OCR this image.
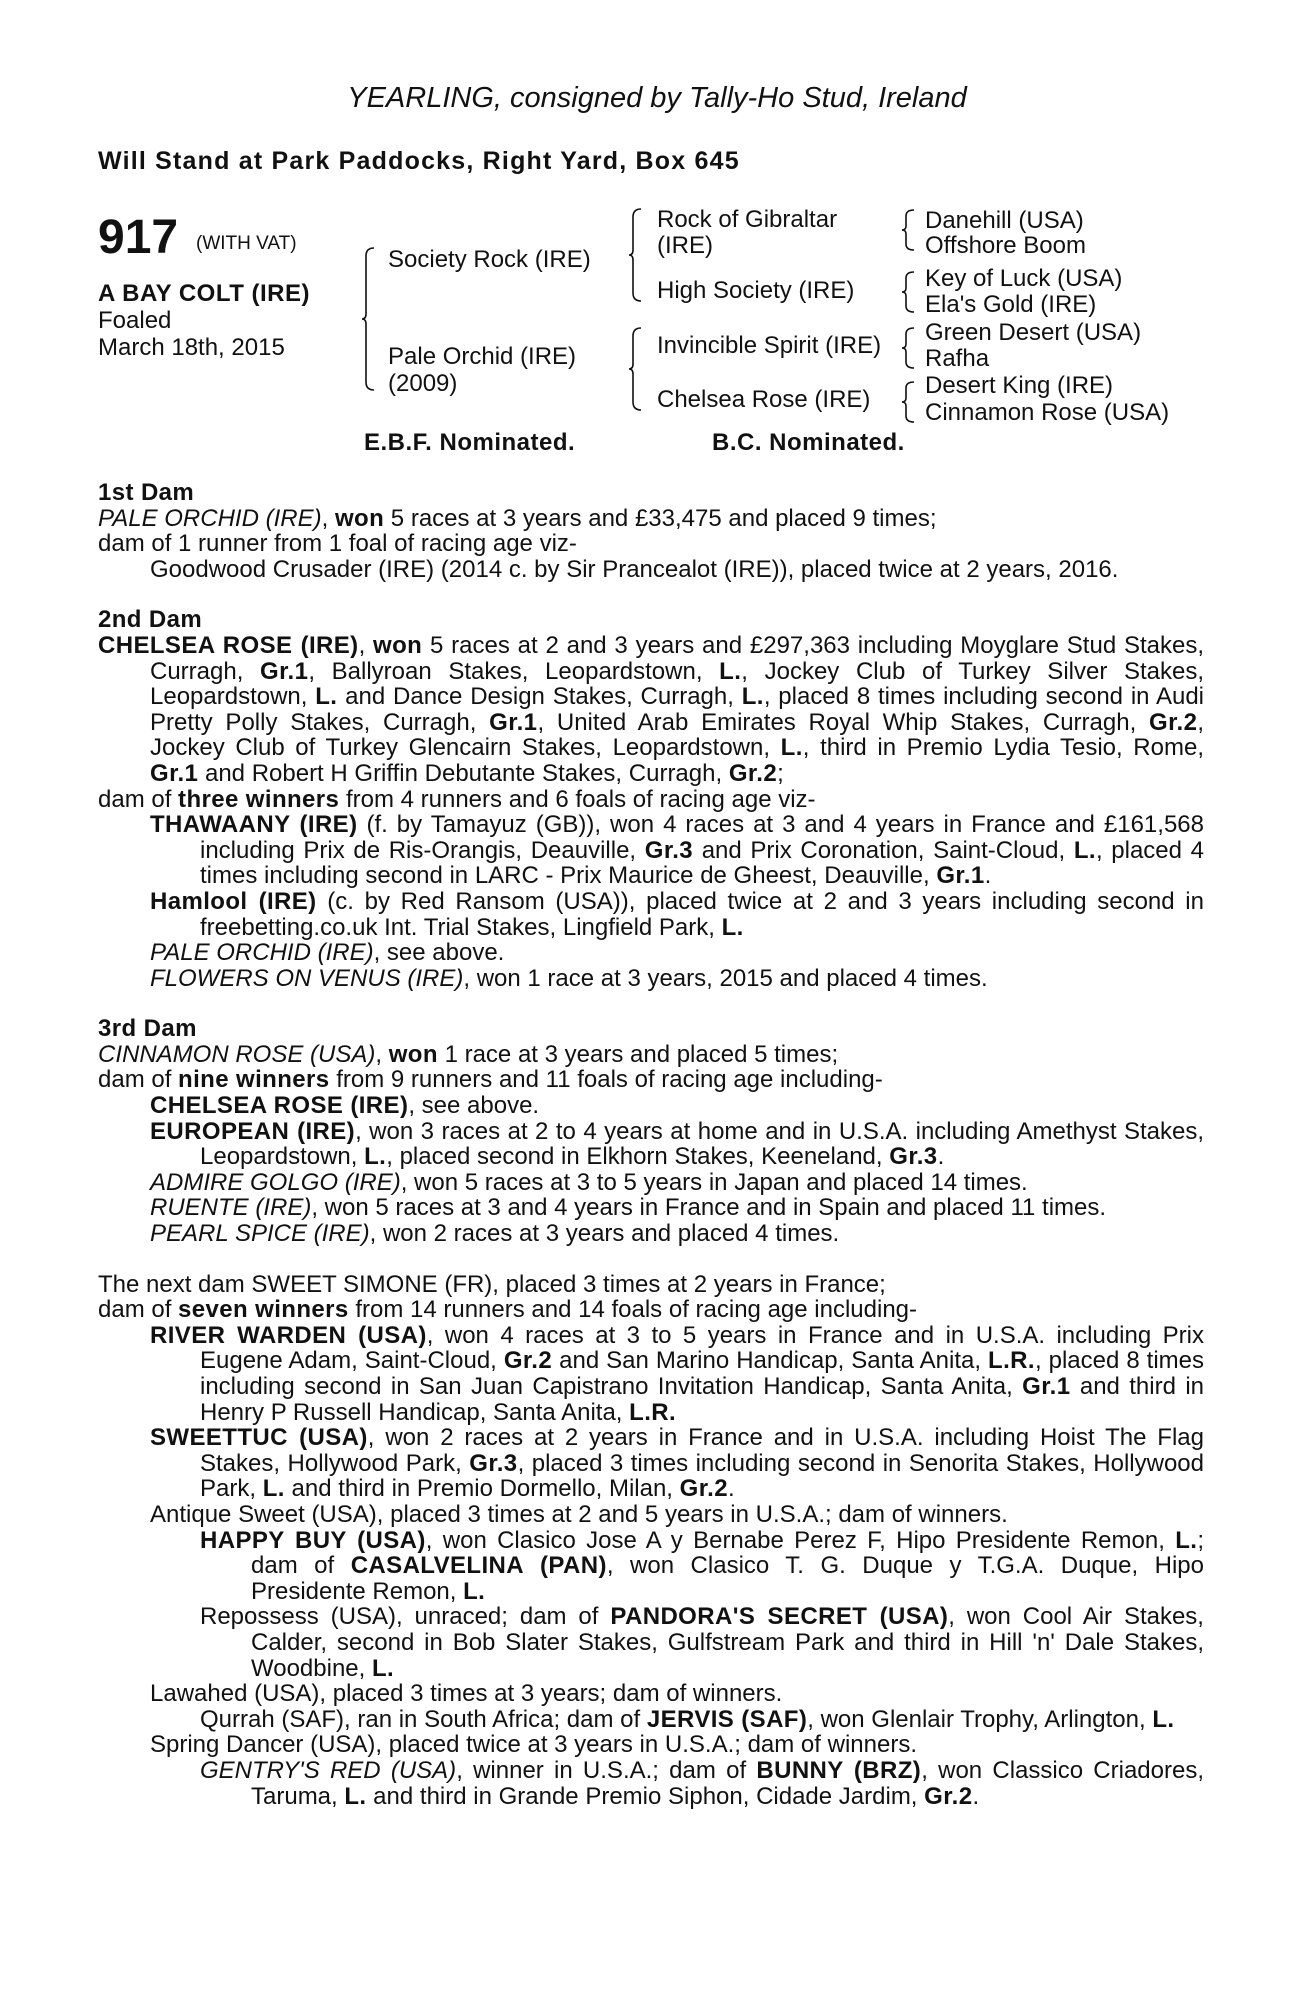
YEARLING, consigned by Tally-Ho Stud, Ireland
Will Stand at Park Paddocks, Right Yard, Box 645
917 (WITH VAT)
A BAY COLT (IRE)
Foaled
March 18th, 2015
Society Rock (IRE)
Pale Orchid (IRE)
(2009)
Rock of Gibraltar
(IRE)
High Society (IRE)
Invincible Spirit (IRE)
Chelsea Rose (IRE)
Danehill (USA)
Offshore Boom
Key of Luck (USA)
Ela's Gold (IRE)
Green Desert (USA)
Rafha
Desert King (IRE)
Cinnamon Rose (USA)
E.B.F. Nominated.	B.C. Nominated.

1st Dam

PALE ORCHID (IRE), won 5 races at 3 years and £33,475 and placed 9 times;

dam of 1 runner from 1 foal of racing age viz-

Goodwood Crusader (IRE) (2014 c. by Sir Prancealot (IRE)), placed twice at 2 years, 2016.

2nd Dam

CHELSEA ROSE (IRE), won 5 races at 2 and 3 years and £297,363 including Moyglare Stud Stakes, Curragh, Gr.1, Ballyroan Stakes, Leopardstown, L., Jockey Club of Turkey Silver Stakes, Leopardstown, L. and Dance Design Stakes, Curragh, L., placed 8 times including second in Audi Pretty Polly Stakes, Curragh, Gr.1, United Arab Emirates Royal Whip Stakes, Curragh, Gr.2, Jockey Club of Turkey Glencairn Stakes, Leopardstown, L., third in Premio Lydia Tesio, Rome, Gr.1 and Robert H Griffin Debutante Stakes, Curragh, Gr.2;

dam of three winners from 4 runners and 6 foals of racing age viz-

THAWAANY (IRE) (f. by Tamayuz (GB)), won 4 races at 3 and 4 years in France and £161,568 including Prix de Ris-Orangis, Deauville, Gr.3 and Prix Coronation, Saint-Cloud, L., placed 4 times including second in LARC - Prix Maurice de Gheest, Deauville, Gr.1.

Hamlool (IRE) (c. by Red Ransom (USA)), placed twice at 2 and 3 years including second in freebetting.co.uk Int. Trial Stakes, Lingfield Park, L.

PALE ORCHID (IRE), see above.

FLOWERS ON VENUS (IRE), won 1 race at 3 years, 2015 and placed 4 times.

3rd Dam

CINNAMON ROSE (USA), won 1 race at 3 years and placed 5 times;

dam of nine winners from 9 runners and 11 foals of racing age including-

CHELSEA ROSE (IRE), see above.

EUROPEAN (IRE), won 3 races at 2 to 4 years at home and in U.S.A. including Amethyst Stakes, Leopardstown, L., placed second in Elkhorn Stakes, Keeneland, Gr.3.

ADMIRE GOLGO (IRE), won 5 races at 3 to 5 years in Japan and placed 14 times.

RUENTE (IRE), won 5 races at 3 and 4 years in France and in Spain and placed 11 times.

PEARL SPICE (IRE), won 2 races at 3 years and placed 4 times.

The next dam SWEET SIMONE (FR), placed 3 times at 2 years in France;

dam of seven winners from 14 runners and 14 foals of racing age including-

RIVER WARDEN (USA), won 4 races at 3 to 5 years in France and in U.S.A. including Prix Eugene Adam, Saint-Cloud, Gr.2 and San Marino Handicap, Santa Anita, L.R., placed 8 times including second in San Juan Capistrano Invitation Handicap, Santa Anita, Gr.1 and third in Henry P Russell Handicap, Santa Anita, L.R.

SWEETTUC (USA), won 2 races at 2 years in France and in U.S.A. including Hoist The Flag Stakes, Hollywood Park, Gr.3, placed 3 times including second in Senorita Stakes, Hollywood Park, L. and third in Premio Dormello, Milan, Gr.2.

Antique Sweet (USA), placed 3 times at 2 and 5 years in U.S.A.; dam of winners.

HAPPY BUY (USA), won Clasico Jose A y Bernabe Perez F, Hipo Presidente Remon, L.; dam of CASALVELINA (PAN), won Clasico T. G. Duque y T.G.A. Duque, Hipo Presidente Remon, L.

Repossess (USA), unraced; dam of PANDORA'S SECRET (USA), won Cool Air Stakes, Calder, second in Bob Slater Stakes, Gulfstream Park and third in Hill 'n' Dale Stakes, Woodbine, L.

Lawahed (USA), placed 3 times at 3 years; dam of winners.

Qurrah (SAF), ran in South Africa; dam of JERVIS (SAF), won Glenlair Trophy, Arlington, L.

Spring Dancer (USA), placed twice at 3 years in U.S.A.; dam of winners.

GENTRY'S RED (USA), winner in U.S.A.; dam of BUNNY (BRZ), won Classico Criadores, Taruma, L. and third in Grande Premio Siphon, Cidade Jardim, Gr.2.
